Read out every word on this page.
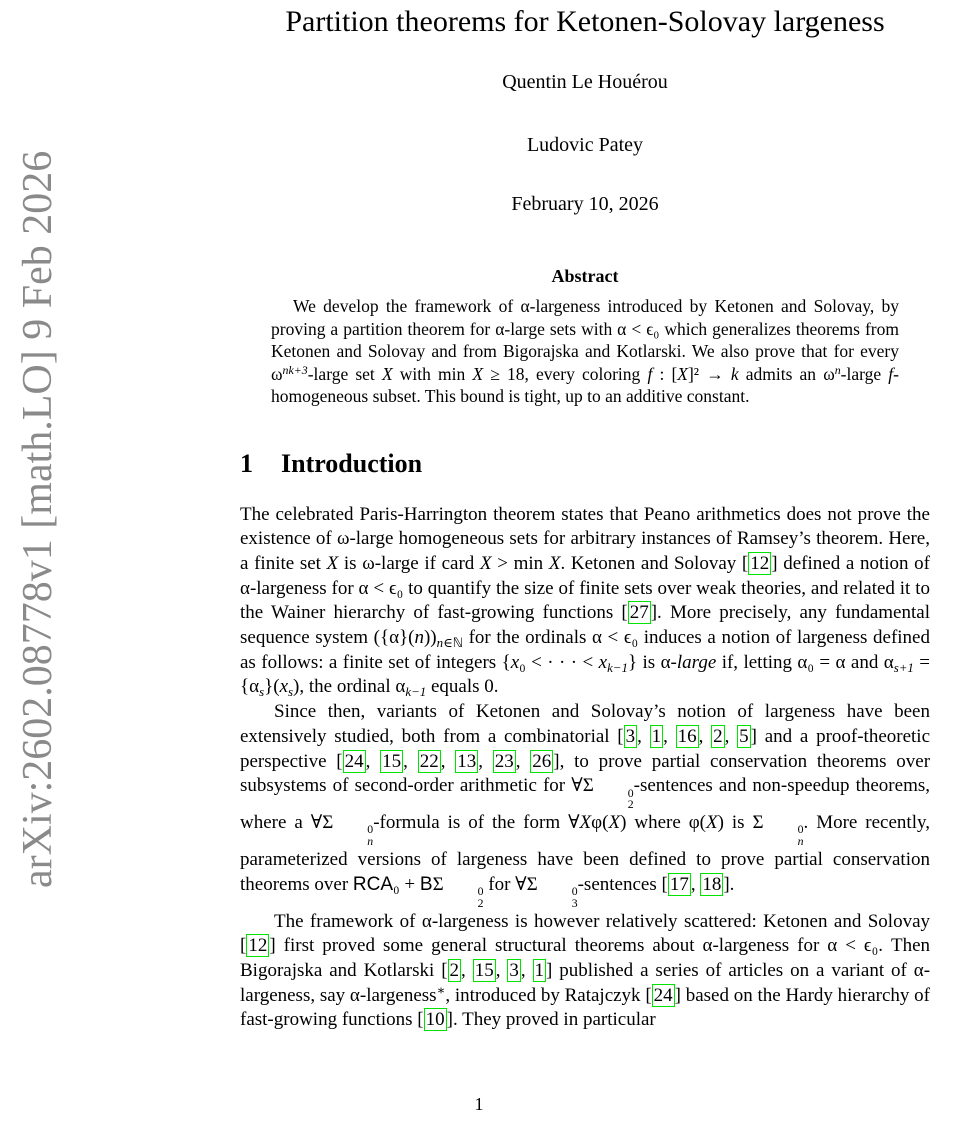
arXiv:2602.08778v1 [math.LO] 9 Feb 2026
Partition theorems for Ketonen-Solovay largeness
Quentin Le Houérou
Ludovic Patey
February 10, 2026
Abstract
We develop the framework of α-largeness introduced by Ketonen and Solovay, by proving a partition theorem for α-large sets with α < ϵ₀ which generalizes theorems from Ketonen and Solovay and from Bigorajska and Kotlarski. We also prove that for every $\omega^{nk+3}$-large set X with min X ≥ 18, every coloring f : [X]² → k admits an $\omega^n$-large f-homogeneous subset. This bound is tight, up to an additive constant.
1 Introduction
The celebrated Paris-Harrington theorem states that Peano arithmetics does not prove the existence of ω-large homogeneous sets for arbitrary instances of Ramsey’s theorem. Here, a finite set X is ω-large if card X > min X. Ketonen and Solovay [ 12 ] defined a notion of α-largeness for α < ϵ₀ to quantify the size of finite sets over weak theories, and related it to the Wainer hierarchy of fast-growing functions [ 27 ]. More precisely, any fundamental sequence system $(\{\alpha\}(n))_{n\in ℕ}$ for the ordinals α < ϵ₀ induces a notion of largeness defined as follows: a finite set of integers {x₀ < · · · < $x_{k-1}$} is α-large if, letting α₀ = α and $\alpha_{s+1} = \{\alpha_s\}(x_s)$, the ordinal $\alpha_{k-1}$ equals 0.
Since then, variants of Ketonen and Solovay’s notion of largeness have been extensively studied, both from a combinatorial [ 3 , 1 , 16 , 2 , 5 ] and a proof-theoretic perspective [ 24 , 15 , 22 , 13 , 23 , 26 ], to prove partial conservation theorems over subsystems of second-order arithmetic for ∀Σ	0
2
-sentences and non-speedup theorems, where a ∀Σ	0
n
-formula is of the form ∀Xφ(X) where φ(X) is Σ	0
n
. More recently, parameterized versions of largeness have been defined to prove partial conservation theorems over RCA₀ + BΣ	0
2
for ∀Σ	0
3
-sentences [ 17 , 18 ].
The framework of α-largeness is however relatively scattered: Ketonen and Solovay [ 12 ] first proved some general structural theorems about α-largeness for α < ϵ₀. Then Bigorajska and Kotlarski [ 2 , 15 , 3 , 1 ] published a series of articles on a variant of α-largeness, say α-largeness∗, introduced by Ratajczyk [ 24 ] based on the Hardy hierarchy of fast-growing functions [ 10 ]. They proved in particular
1
